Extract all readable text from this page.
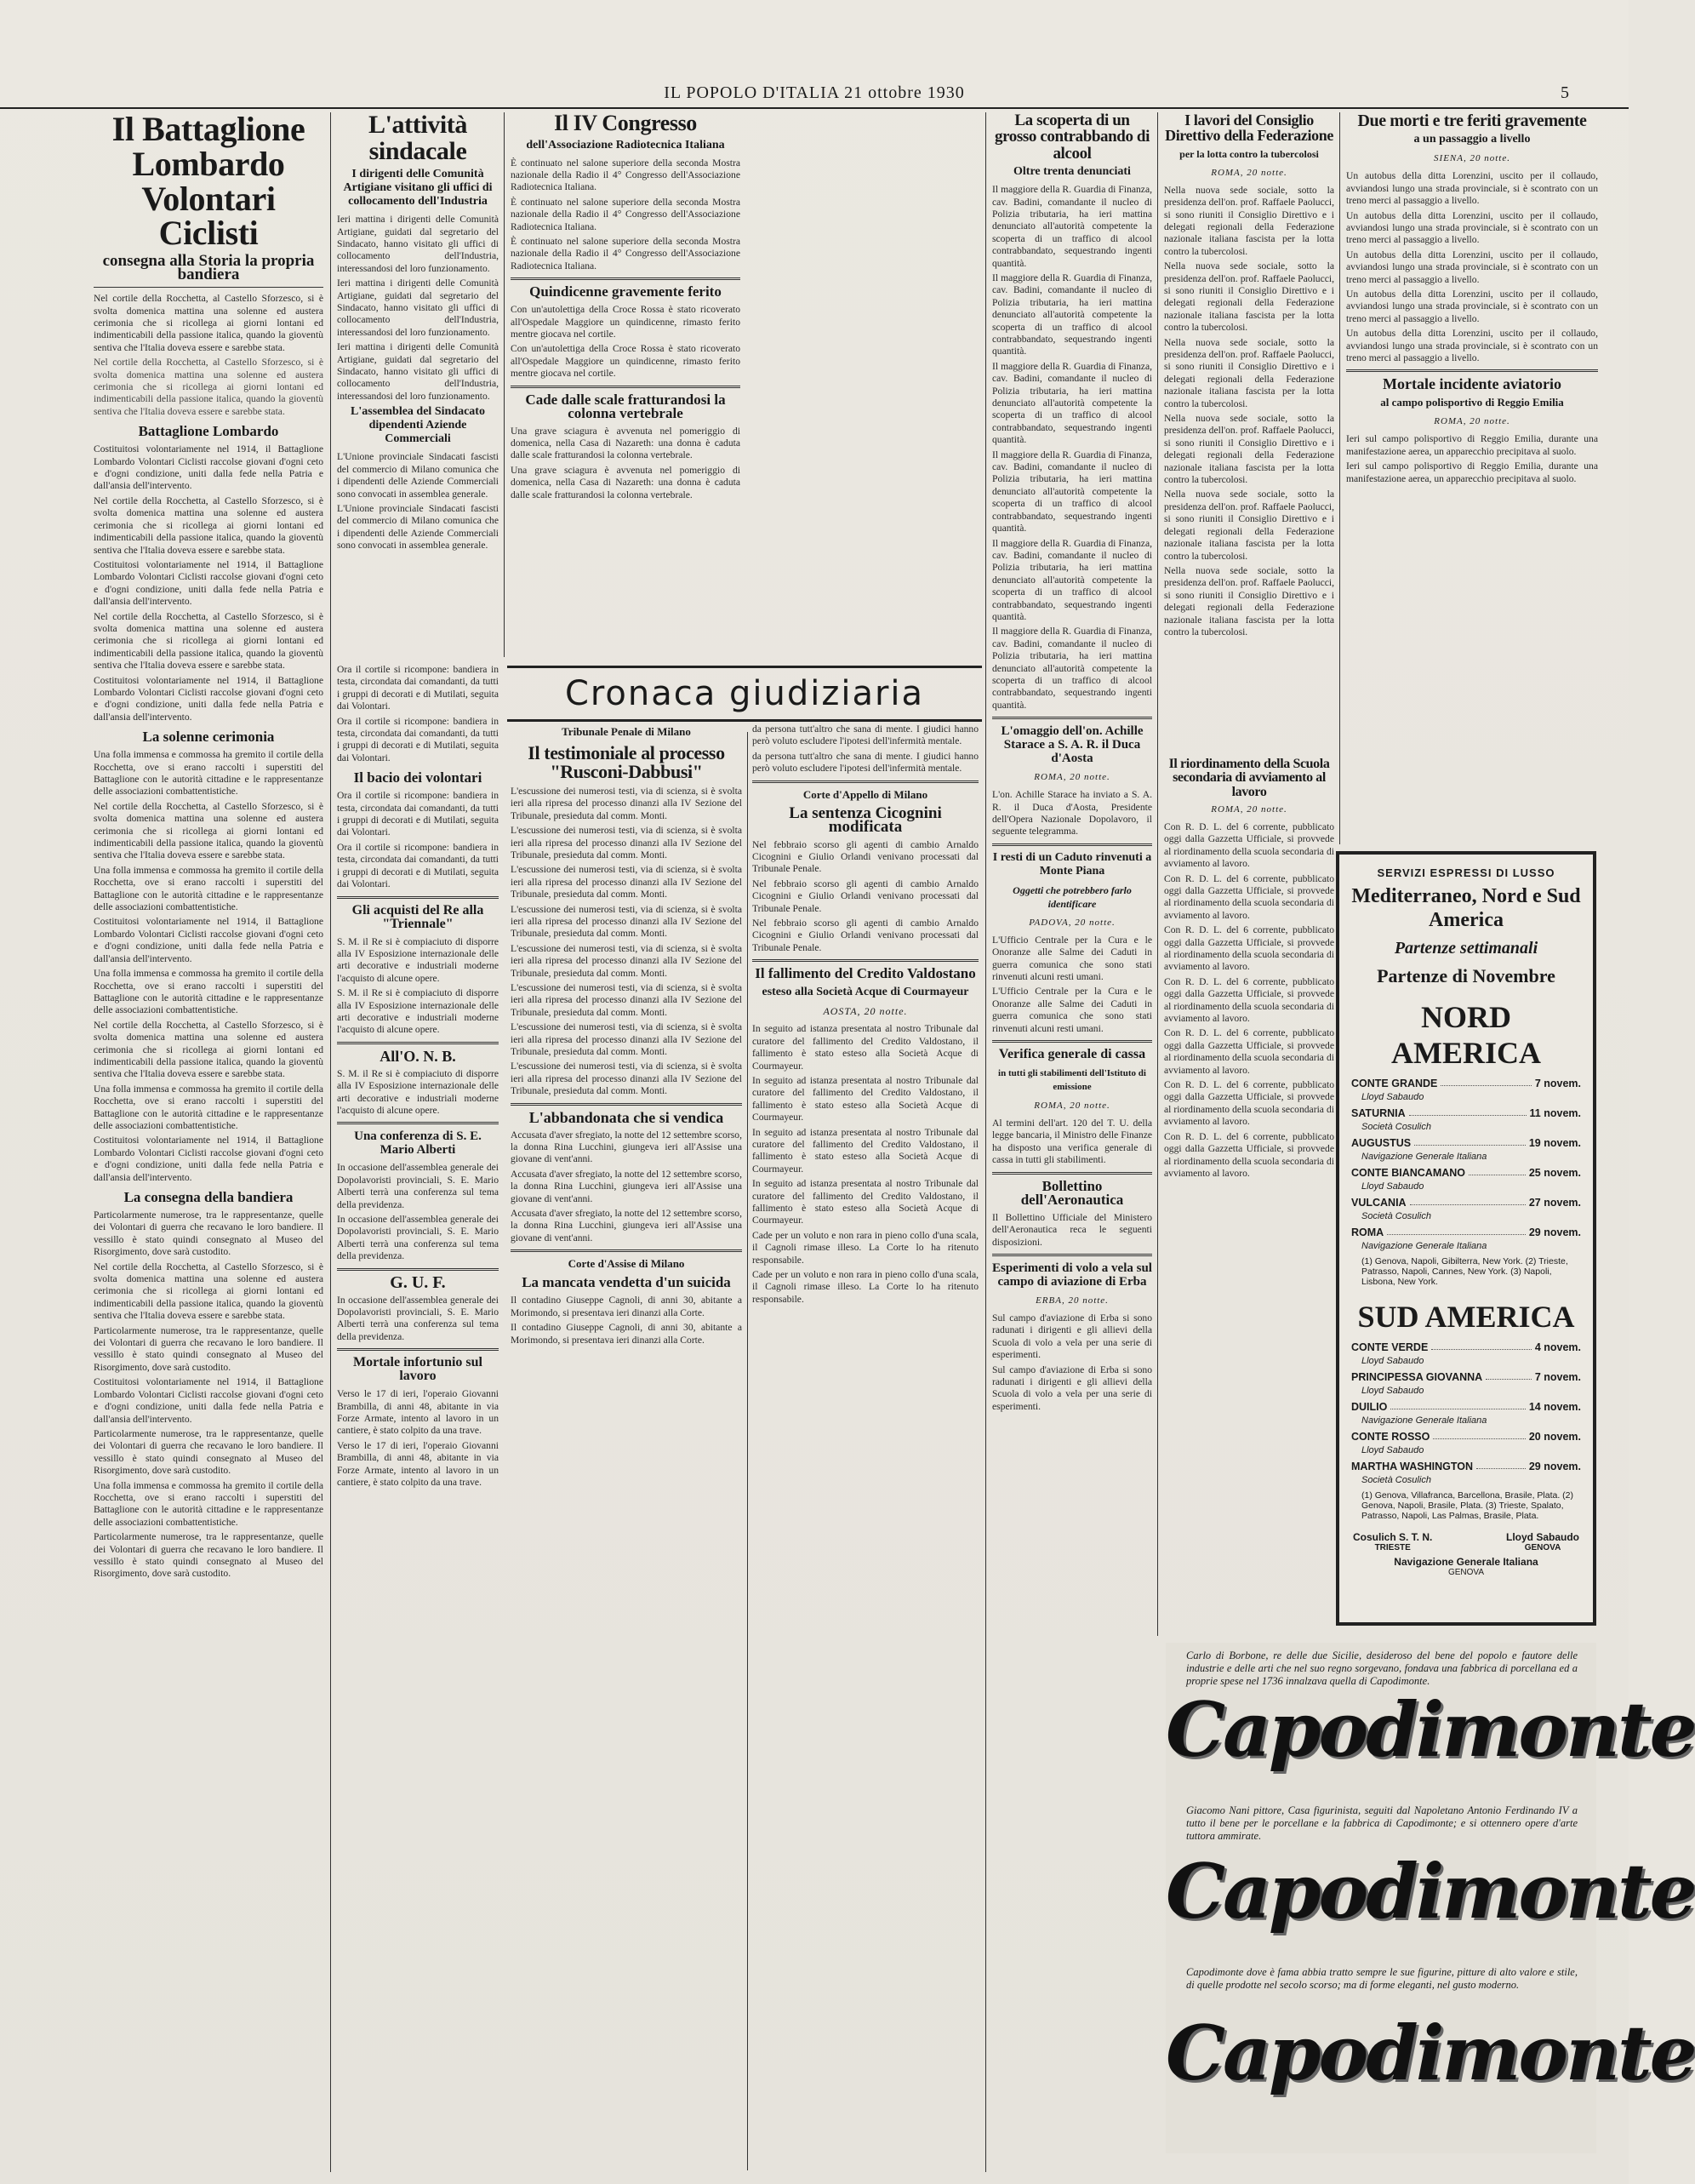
IL POPOLO D'ITALIA 21 ottobre 1930	5
Il Battaglione Lombardo Volontari Ciclisti
consegna alla Storia la propria bandiera

Nel cortile della Rocchetta, al Castello Sforzesco, si è svolta domenica mattina una solenne ed austera cerimonia che si ricollega ai giorni lontani ed indimenticabili della passione italica, quando la gioventù sentiva che l'Italia doveva essere e sarebbe stata.

Nel cortile della Rocchetta, al Castello Sforzesco, si è svolta domenica mattina una solenne ed austera cerimonia che si ricollega ai giorni lontani ed indimenticabili della passione italica, quando la gioventù sentiva che l'Italia doveva essere e sarebbe stata.

Battaglione Lombardo

Costituitosi volontariamente nel 1914, il Battaglione Lombardo Volontari Ciclisti raccolse giovani d'ogni ceto e d'ogni condizione, uniti dalla fede nella Patria e dall'ansia dell'intervento.

Nel cortile della Rocchetta, al Castello Sforzesco, si è svolta domenica mattina una solenne ed austera cerimonia che si ricollega ai giorni lontani ed indimenticabili della passione italica, quando la gioventù sentiva che l'Italia doveva essere e sarebbe stata.

Costituitosi volontariamente nel 1914, il Battaglione Lombardo Volontari Ciclisti raccolse giovani d'ogni ceto e d'ogni condizione, uniti dalla fede nella Patria e dall'ansia dell'intervento.

Nel cortile della Rocchetta, al Castello Sforzesco, si è svolta domenica mattina una solenne ed austera cerimonia che si ricollega ai giorni lontani ed indimenticabili della passione italica, quando la gioventù sentiva che l'Italia doveva essere e sarebbe stata.

Costituitosi volontariamente nel 1914, il Battaglione Lombardo Volontari Ciclisti raccolse giovani d'ogni ceto e d'ogni condizione, uniti dalla fede nella Patria e dall'ansia dell'intervento.

La solenne cerimonia

Una folla immensa e commossa ha gremito il cortile della Rocchetta, ove si erano raccolti i superstiti del Battaglione con le autorità cittadine e le rappresentanze delle associazioni combattentistiche.

Nel cortile della Rocchetta, al Castello Sforzesco, si è svolta domenica mattina una solenne ed austera cerimonia che si ricollega ai giorni lontani ed indimenticabili della passione italica, quando la gioventù sentiva che l'Italia doveva essere e sarebbe stata.

Una folla immensa e commossa ha gremito il cortile della Rocchetta, ove si erano raccolti i superstiti del Battaglione con le autorità cittadine e le rappresentanze delle associazioni combattentistiche.

Costituitosi volontariamente nel 1914, il Battaglione Lombardo Volontari Ciclisti raccolse giovani d'ogni ceto e d'ogni condizione, uniti dalla fede nella Patria e dall'ansia dell'intervento.

Una folla immensa e commossa ha gremito il cortile della Rocchetta, ove si erano raccolti i superstiti del Battaglione con le autorità cittadine e le rappresentanze delle associazioni combattentistiche.

Nel cortile della Rocchetta, al Castello Sforzesco, si è svolta domenica mattina una solenne ed austera cerimonia che si ricollega ai giorni lontani ed indimenticabili della passione italica, quando la gioventù sentiva che l'Italia doveva essere e sarebbe stata.

Una folla immensa e commossa ha gremito il cortile della Rocchetta, ove si erano raccolti i superstiti del Battaglione con le autorità cittadine e le rappresentanze delle associazioni combattentistiche.

Costituitosi volontariamente nel 1914, il Battaglione Lombardo Volontari Ciclisti raccolse giovani d'ogni ceto e d'ogni condizione, uniti dalla fede nella Patria e dall'ansia dell'intervento.

La consegna della bandiera

Particolarmente numerose, tra le rappresentanze, quelle dei Volontari di guerra che recavano le loro bandiere. Il vessillo è stato quindi consegnato al Museo del Risorgimento, dove sarà custodito.

Nel cortile della Rocchetta, al Castello Sforzesco, si è svolta domenica mattina una solenne ed austera cerimonia che si ricollega ai giorni lontani ed indimenticabili della passione italica, quando la gioventù sentiva che l'Italia doveva essere e sarebbe stata.

Particolarmente numerose, tra le rappresentanze, quelle dei Volontari di guerra che recavano le loro bandiere. Il vessillo è stato quindi consegnato al Museo del Risorgimento, dove sarà custodito.

Costituitosi volontariamente nel 1914, il Battaglione Lombardo Volontari Ciclisti raccolse giovani d'ogni ceto e d'ogni condizione, uniti dalla fede nella Patria e dall'ansia dell'intervento.

Particolarmente numerose, tra le rappresentanze, quelle dei Volontari di guerra che recavano le loro bandiere. Il vessillo è stato quindi consegnato al Museo del Risorgimento, dove sarà custodito.

Una folla immensa e commossa ha gremito il cortile della Rocchetta, ove si erano raccolti i superstiti del Battaglione con le autorità cittadine e le rappresentanze delle associazioni combattentistiche.

Particolarmente numerose, tra le rappresentanze, quelle dei Volontari di guerra che recavano le loro bandiere. Il vessillo è stato quindi consegnato al Museo del Risorgimento, dove sarà custodito.

L'attività sindacale
I dirigenti delle Comunità Artigiane visitano gli uffici di collocamento dell'Industria

Ieri mattina i dirigenti delle Comunità Artigiane, guidati dal segretario del Sindacato, hanno visitato gli uffici di collocamento dell'Industria, interessandosi del loro funzionamento.

Ieri mattina i dirigenti delle Comunità Artigiane, guidati dal segretario del Sindacato, hanno visitato gli uffici di collocamento dell'Industria, interessandosi del loro funzionamento.

Ieri mattina i dirigenti delle Comunità Artigiane, guidati dal segretario del Sindacato, hanno visitato gli uffici di collocamento dell'Industria, interessandosi del loro funzionamento.

L'assemblea del Sindacato dipendenti Aziende Commerciali

L'Unione provinciale Sindacati fascisti del commercio di Milano comunica che i dipendenti delle Aziende Commerciali sono convocati in assemblea generale.

L'Unione provinciale Sindacati fascisti del commercio di Milano comunica che i dipendenti delle Aziende Commerciali sono convocati in assemblea generale.

Ora il cortile si ricompone: bandiera in testa, circondata dai comandanti, da tutti i gruppi di decorati e di Mutilati, seguita dai Volontari.

Ora il cortile si ricompone: bandiera in testa, circondata dai comandanti, da tutti i gruppi di decorati e di Mutilati, seguita dai Volontari.

Il bacio dei volontari

Ora il cortile si ricompone: bandiera in testa, circondata dai comandanti, da tutti i gruppi di decorati e di Mutilati, seguita dai Volontari.

Ora il cortile si ricompone: bandiera in testa, circondata dai comandanti, da tutti i gruppi di decorati e di Mutilati, seguita dai Volontari.

Gli acquisti del Re alla "Triennale"

S. M. il Re si è compiaciuto di disporre alla IV Esposizione internazionale delle arti decorative e industriali moderne l'acquisto di alcune opere.

S. M. il Re si è compiaciuto di disporre alla IV Esposizione internazionale delle arti decorative e industriali moderne l'acquisto di alcune opere.

All'O. N. B.

S. M. il Re si è compiaciuto di disporre alla IV Esposizione internazionale delle arti decorative e industriali moderne l'acquisto di alcune opere.

Una conferenza di S. E. Mario Alberti

In occasione dell'assemblea generale dei Dopolavoristi provinciali, S. E. Mario Alberti terrà una conferenza sul tema della previdenza.

In occasione dell'assemblea generale dei Dopolavoristi provinciali, S. E. Mario Alberti terrà una conferenza sul tema della previdenza.

G. U. F.

In occasione dell'assemblea generale dei Dopolavoristi provinciali, S. E. Mario Alberti terrà una conferenza sul tema della previdenza.

Mortale infortunio sul lavoro

Verso le 17 di ieri, l'operaio Giovanni Brambilla, di anni 48, abitante in via Forze Armate, intento al lavoro in un cantiere, è stato colpito da una trave.

Verso le 17 di ieri, l'operaio Giovanni Brambilla, di anni 48, abitante in via Forze Armate, intento al lavoro in un cantiere, è stato colpito da una trave.

Il IV Congresso
dell'Associazione Radiotecnica Italiana

È continuato nel salone superiore della seconda Mostra nazionale della Radio il 4° Congresso dell'Associazione Radiotecnica Italiana.

È continuato nel salone superiore della seconda Mostra nazionale della Radio il 4° Congresso dell'Associazione Radiotecnica Italiana.

È continuato nel salone superiore della seconda Mostra nazionale della Radio il 4° Congresso dell'Associazione Radiotecnica Italiana.

Quindicenne gravemente ferito

Con un'autolettiga della Croce Rossa è stato ricoverato all'Ospedale Maggiore un quindicenne, rimasto ferito mentre giocava nel cortile.

Con un'autolettiga della Croce Rossa è stato ricoverato all'Ospedale Maggiore un quindicenne, rimasto ferito mentre giocava nel cortile.

Cade dalle scale fratturandosi la colonna vertebrale

Una grave sciagura è avvenuta nel pomeriggio di domenica, nella Casa di Nazareth: una donna è caduta dalle scale fratturandosi la colonna vertebrale.

Una grave sciagura è avvenuta nel pomeriggio di domenica, nella Casa di Nazareth: una donna è caduta dalle scale fratturandosi la colonna vertebrale.

Cronaca giudiziaria
Tribunale Penale di Milano
Il testimoniale al processo "Rusconi-Dabbusi"

L'escussione dei numerosi testi, via di scienza, si è svolta ieri alla ripresa del processo dinanzi alla IV Sezione del Tribunale, presieduta dal comm. Monti.

L'escussione dei numerosi testi, via di scienza, si è svolta ieri alla ripresa del processo dinanzi alla IV Sezione del Tribunale, presieduta dal comm. Monti.

L'escussione dei numerosi testi, via di scienza, si è svolta ieri alla ripresa del processo dinanzi alla IV Sezione del Tribunale, presieduta dal comm. Monti.

L'escussione dei numerosi testi, via di scienza, si è svolta ieri alla ripresa del processo dinanzi alla IV Sezione del Tribunale, presieduta dal comm. Monti.

L'escussione dei numerosi testi, via di scienza, si è svolta ieri alla ripresa del processo dinanzi alla IV Sezione del Tribunale, presieduta dal comm. Monti.

L'escussione dei numerosi testi, via di scienza, si è svolta ieri alla ripresa del processo dinanzi alla IV Sezione del Tribunale, presieduta dal comm. Monti.

L'escussione dei numerosi testi, via di scienza, si è svolta ieri alla ripresa del processo dinanzi alla IV Sezione del Tribunale, presieduta dal comm. Monti.

L'escussione dei numerosi testi, via di scienza, si è svolta ieri alla ripresa del processo dinanzi alla IV Sezione del Tribunale, presieduta dal comm. Monti.

L'abbandonata che si vendica

Accusata d'aver sfregiato, la notte del 12 settembre scorso, la donna Rina Lucchini, giungeva ieri all'Assise una giovane di vent'anni.

Accusata d'aver sfregiato, la notte del 12 settembre scorso, la donna Rina Lucchini, giungeva ieri all'Assise una giovane di vent'anni.

Accusata d'aver sfregiato, la notte del 12 settembre scorso, la donna Rina Lucchini, giungeva ieri all'Assise una giovane di vent'anni.

Corte d'Assise di Milano
La mancata vendetta d'un suicida

Il contadino Giuseppe Cagnoli, di anni 30, abitante a Morimondo, si presentava ieri dinanzi alla Corte.

Il contadino Giuseppe Cagnoli, di anni 30, abitante a Morimondo, si presentava ieri dinanzi alla Corte.

da persona tutt'altro che sana di mente. I giudici hanno però voluto escludere l'ipotesi dell'infermità mentale.

da persona tutt'altro che sana di mente. I giudici hanno però voluto escludere l'ipotesi dell'infermità mentale.

Corte d'Appello di Milano
La sentenza Cicognini modificata

Nel febbraio scorso gli agenti di cambio Arnaldo Cicognini e Giulio Orlandi venivano processati dal Tribunale Penale.

Nel febbraio scorso gli agenti di cambio Arnaldo Cicognini e Giulio Orlandi venivano processati dal Tribunale Penale.

Nel febbraio scorso gli agenti di cambio Arnaldo Cicognini e Giulio Orlandi venivano processati dal Tribunale Penale.

Il fallimento del Credito Valdostano
esteso alla Società Acque di Courmayeur
AOSTA, 20 notte.

In seguito ad istanza presentata al nostro Tribunale dal curatore del fallimento del Credito Valdostano, il fallimento è stato esteso alla Società Acque di Courmayeur.

In seguito ad istanza presentata al nostro Tribunale dal curatore del fallimento del Credito Valdostano, il fallimento è stato esteso alla Società Acque di Courmayeur.

In seguito ad istanza presentata al nostro Tribunale dal curatore del fallimento del Credito Valdostano, il fallimento è stato esteso alla Società Acque di Courmayeur.

In seguito ad istanza presentata al nostro Tribunale dal curatore del fallimento del Credito Valdostano, il fallimento è stato esteso alla Società Acque di Courmayeur.

Cade per un voluto e non rara in pieno collo d'una scala, il Cagnoli rimase illeso. La Corte lo ha ritenuto responsabile.

Cade per un voluto e non rara in pieno collo d'una scala, il Cagnoli rimase illeso. La Corte lo ha ritenuto responsabile.

La scoperta di un grosso contrabbando di alcool
Oltre trenta denunciati

Il maggiore della R. Guardia di Finanza, cav. Badini, comandante il nucleo di Polizia tributaria, ha ieri mattina denunciato all'autorità competente la scoperta di un traffico di alcool contrabbandato, sequestrando ingenti quantità.

Il maggiore della R. Guardia di Finanza, cav. Badini, comandante il nucleo di Polizia tributaria, ha ieri mattina denunciato all'autorità competente la scoperta di un traffico di alcool contrabbandato, sequestrando ingenti quantità.

Il maggiore della R. Guardia di Finanza, cav. Badini, comandante il nucleo di Polizia tributaria, ha ieri mattina denunciato all'autorità competente la scoperta di un traffico di alcool contrabbandato, sequestrando ingenti quantità.

Il maggiore della R. Guardia di Finanza, cav. Badini, comandante il nucleo di Polizia tributaria, ha ieri mattina denunciato all'autorità competente la scoperta di un traffico di alcool contrabbandato, sequestrando ingenti quantità.

Il maggiore della R. Guardia di Finanza, cav. Badini, comandante il nucleo di Polizia tributaria, ha ieri mattina denunciato all'autorità competente la scoperta di un traffico di alcool contrabbandato, sequestrando ingenti quantità.

Il maggiore della R. Guardia di Finanza, cav. Badini, comandante il nucleo di Polizia tributaria, ha ieri mattina denunciato all'autorità competente la scoperta di un traffico di alcool contrabbandato, sequestrando ingenti quantità.

L'omaggio dell'on. Achille Starace a S. A. R. il Duca d'Aosta
ROMA, 20 notte.

L'on. Achille Starace ha inviato a S. A. R. il Duca d'Aosta, Presidente dell'Opera Nazionale Dopolavoro, il seguente telegramma.

I resti di un Caduto rinvenuti a Monte Piana
Oggetti che potrebbero farlo identificare
PADOVA, 20 notte.

L'Ufficio Centrale per la Cura e le Onoranze alle Salme dei Caduti in guerra comunica che sono stati rinvenuti alcuni resti umani.

L'Ufficio Centrale per la Cura e le Onoranze alle Salme dei Caduti in guerra comunica che sono stati rinvenuti alcuni resti umani.

Verifica generale di cassa
in tutti gli stabilimenti dell'Istituto di emissione
ROMA, 20 notte.

Al termini dell'art. 120 del T. U. della legge bancaria, il Ministro delle Finanze ha disposto una verifica generale di cassa in tutti gli stabilimenti.

Bollettino dell'Aeronautica

Il Bollettino Ufficiale del Ministero dell'Aeronautica reca le seguenti disposizioni.

Esperimenti di volo a vela sul campo di aviazione di Erba
ERBA, 20 notte.

Sul campo d'aviazione di Erba si sono radunati i dirigenti e gli allievi della Scuola di volo a vela per una serie di esperimenti.

Sul campo d'aviazione di Erba si sono radunati i dirigenti e gli allievi della Scuola di volo a vela per una serie di esperimenti.

I lavori del Consiglio Direttivo della Federazione
per la lotta contro la tubercolosi
ROMA, 20 notte.

Nella nuova sede sociale, sotto la presidenza dell'on. prof. Raffaele Paolucci, si sono riuniti il Consiglio Direttivo e i delegati regionali della Federazione nazionale italiana fascista per la lotta contro la tubercolosi.

Nella nuova sede sociale, sotto la presidenza dell'on. prof. Raffaele Paolucci, si sono riuniti il Consiglio Direttivo e i delegati regionali della Federazione nazionale italiana fascista per la lotta contro la tubercolosi.

Nella nuova sede sociale, sotto la presidenza dell'on. prof. Raffaele Paolucci, si sono riuniti il Consiglio Direttivo e i delegati regionali della Federazione nazionale italiana fascista per la lotta contro la tubercolosi.

Nella nuova sede sociale, sotto la presidenza dell'on. prof. Raffaele Paolucci, si sono riuniti il Consiglio Direttivo e i delegati regionali della Federazione nazionale italiana fascista per la lotta contro la tubercolosi.

Nella nuova sede sociale, sotto la presidenza dell'on. prof. Raffaele Paolucci, si sono riuniti il Consiglio Direttivo e i delegati regionali della Federazione nazionale italiana fascista per la lotta contro la tubercolosi.

Nella nuova sede sociale, sotto la presidenza dell'on. prof. Raffaele Paolucci, si sono riuniti il Consiglio Direttivo e i delegati regionali della Federazione nazionale italiana fascista per la lotta contro la tubercolosi.

Il riordinamento della Scuola secondaria di avviamento al lavoro
ROMA, 20 notte.

Con R. D. L. del 6 corrente, pubblicato oggi dalla Gazzetta Ufficiale, si provvede al riordinamento della scuola secondaria di avviamento al lavoro.

Con R. D. L. del 6 corrente, pubblicato oggi dalla Gazzetta Ufficiale, si provvede al riordinamento della scuola secondaria di avviamento al lavoro.

Con R. D. L. del 6 corrente, pubblicato oggi dalla Gazzetta Ufficiale, si provvede al riordinamento della scuola secondaria di avviamento al lavoro.

Con R. D. L. del 6 corrente, pubblicato oggi dalla Gazzetta Ufficiale, si provvede al riordinamento della scuola secondaria di avviamento al lavoro.

Con R. D. L. del 6 corrente, pubblicato oggi dalla Gazzetta Ufficiale, si provvede al riordinamento della scuola secondaria di avviamento al lavoro.

Con R. D. L. del 6 corrente, pubblicato oggi dalla Gazzetta Ufficiale, si provvede al riordinamento della scuola secondaria di avviamento al lavoro.

Con R. D. L. del 6 corrente, pubblicato oggi dalla Gazzetta Ufficiale, si provvede al riordinamento della scuola secondaria di avviamento al lavoro.

Due morti e tre feriti gravemente
a un passaggio a livello
SIENA, 20 notte.

Un autobus della ditta Lorenzini, uscito per il collaudo, avviandosi lungo una strada provinciale, si è scontrato con un treno merci al passaggio a livello.

Un autobus della ditta Lorenzini, uscito per il collaudo, avviandosi lungo una strada provinciale, si è scontrato con un treno merci al passaggio a livello.

Un autobus della ditta Lorenzini, uscito per il collaudo, avviandosi lungo una strada provinciale, si è scontrato con un treno merci al passaggio a livello.

Un autobus della ditta Lorenzini, uscito per il collaudo, avviandosi lungo una strada provinciale, si è scontrato con un treno merci al passaggio a livello.

Un autobus della ditta Lorenzini, uscito per il collaudo, avviandosi lungo una strada provinciale, si è scontrato con un treno merci al passaggio a livello.

Mortale incidente aviatorio
al campo polisportivo di Reggio Emilia
ROMA, 20 notte.

Ieri sul campo polisportivo di Reggio Emilia, durante una manifestazione aerea, un apparecchio precipitava al suolo.

Ieri sul campo polisportivo di Reggio Emilia, durante una manifestazione aerea, un apparecchio precipitava al suolo.

SERVIZI ESPRESSI DI LUSSO
Mediterraneo, Nord e Sud America
Partenze settimanali
Partenze di Novembre
NORD AMERICA
CONTE GRANDE	7 novem.
Lloyd Sabaudo
SATURNIA	11 novem.
Società Cosulich
AUGUSTUS	19 novem.
Navigazione Generale Italiana
CONTE BIANCAMANO	25 novem.
Lloyd Sabaudo
VULCANIA	27 novem.
Società Cosulich
ROMA	29 novem.
Navigazione Generale Italiana
(1) Genova, Napoli, Gibilterra, New York. (2) Trieste, Patrasso, Napoli, Cannes, New York. (3) Napoli, Lisbona, New York.
SUD AMERICA
CONTE VERDE	4 novem.
Lloyd Sabaudo
PRINCIPESSA GIOVANNA	7 novem.
Lloyd Sabaudo
DUILIO	14 novem.
Navigazione Generale Italiana
CONTE ROSSO	20 novem.
Lloyd Sabaudo
MARTHA WASHINGTON	29 novem.
Società Cosulich
(1) Genova, Villafranca, Barcellona, Brasile, Plata. (2) Genova, Napoli, Brasile, Plata. (3) Trieste, Spalato, Patrasso, Napoli, Las Palmas, Brasile, Plata.
Cosulich S. T. N.
TRIESTE
Lloyd Sabaudo
GENOVA
Navigazione Generale Italiana
GENOVA
Carlo di Borbone, re delle due Sicilie, desideroso del bene del popolo e fautore delle industrie e delle arti che nel suo regno sorgevano, fondava una fabbrica di porcellana ed a proprie spese nel 1736 innalzava quella di Capodimonte.
Capodimonte
Giacomo Nani pittore, Casa figurinista, seguiti dal Napoletano Antonio Ferdinando IV a tutto il bene per le porcellane e la fabbrica di Capodimonte; e si ottennero opere d'arte tuttora ammirate.
Capodimonte
Capodimonte dove è fama abbia tratto sempre le sue figurine, pitture di alto valore e stile, di quelle prodotte nel secolo scorso; ma di forme eleganti, nel gusto moderno.
Capodimonte
